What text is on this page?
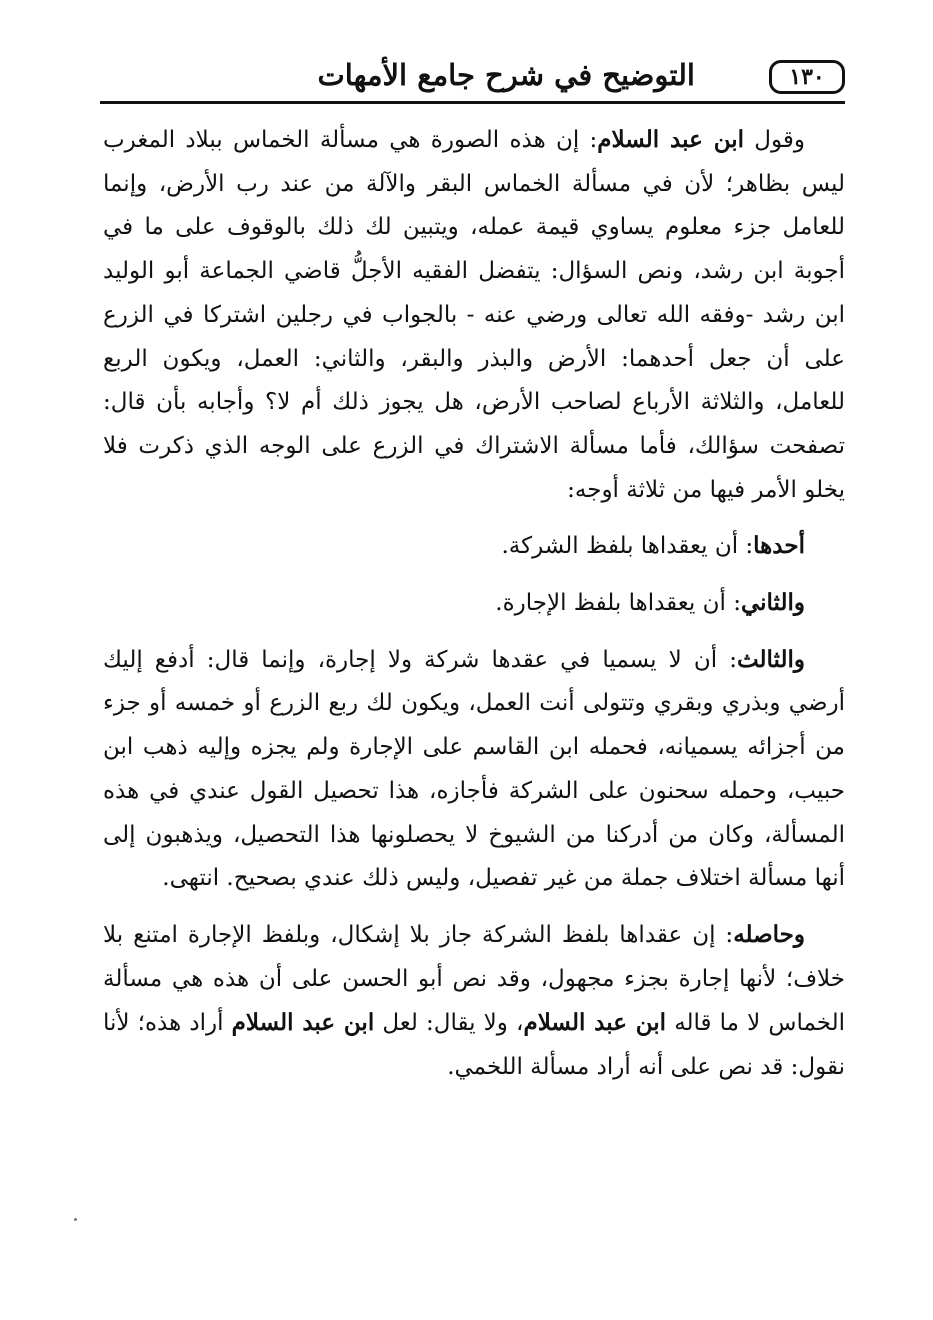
التوضيح في شرح جامع الأمهات	١٣٠

وقول ابن عبد السلام: إن هذه الصورة هي مسألة الخماس ببلاد المغرب ليس بظاهر؛ لأن في مسألة الخماس البقر والآلة من عند رب الأرض، وإنما للعامل جزء معلوم يساوي قيمة عمله، ويتبين لك ذلك بالوقوف على ما في أجوبة ابن رشد، ونص السؤال: يتفضل الفقيه الأجلُّ قاضي الجماعة أبو الوليد ابن رشد -وفقه الله تعالى ورضي عنه - بالجواب في رجلين اشتركا في الزرع على أن جعل أحدهما: الأرض والبذر والبقر، والثاني: العمل، ويكون الربع للعامل، والثلاثة الأرباع لصاحب الأرض، هل يجوز ذلك أم لا؟ وأجابه بأن قال: تصفحت سؤالك، فأما مسألة الاشتراك في الزرع على الوجه الذي ذكرت فلا يخلو الأمر فيها من ثلاثة أوجه:

أحدها: أن يعقداها بلفظ الشركة.

والثاني: أن يعقداها بلفظ الإجارة.

والثالث: أن لا يسميا في عقدها شركة ولا إجارة، وإنما قال: أدفع إليك أرضي وبذري وبقري وتتولى أنت العمل، ويكون لك ربع الزرع أو خمسه أو جزء من أجزائه يسميانه، فحمله ابن القاسم على الإجارة ولم يجزه وإليه ذهب ابن حبيب، وحمله سحنون على الشركة فأجازه، هذا تحصيل القول عندي في هذه المسألة، وكان من أدركنا من الشيوخ لا يحصلونها هذا التحصيل، ويذهبون إلى أنها مسألة اختلاف جملة من غير تفصيل، وليس ذلك عندي بصحيح. انتهى.

وحاصله: إن عقداها بلفظ الشركة جاز بلا إشكال، وبلفظ الإجارة امتنع بلا خلاف؛ لأنها إجارة بجزء مجهول، وقد نص أبو الحسن على أن هذه هي مسألة الخماس لا ما قاله ابن عبد السلام، ولا يقال: لعل ابن عبد السلام أراد هذه؛ لأنا نقول: قد نص على أنه أراد مسألة اللخمي.
